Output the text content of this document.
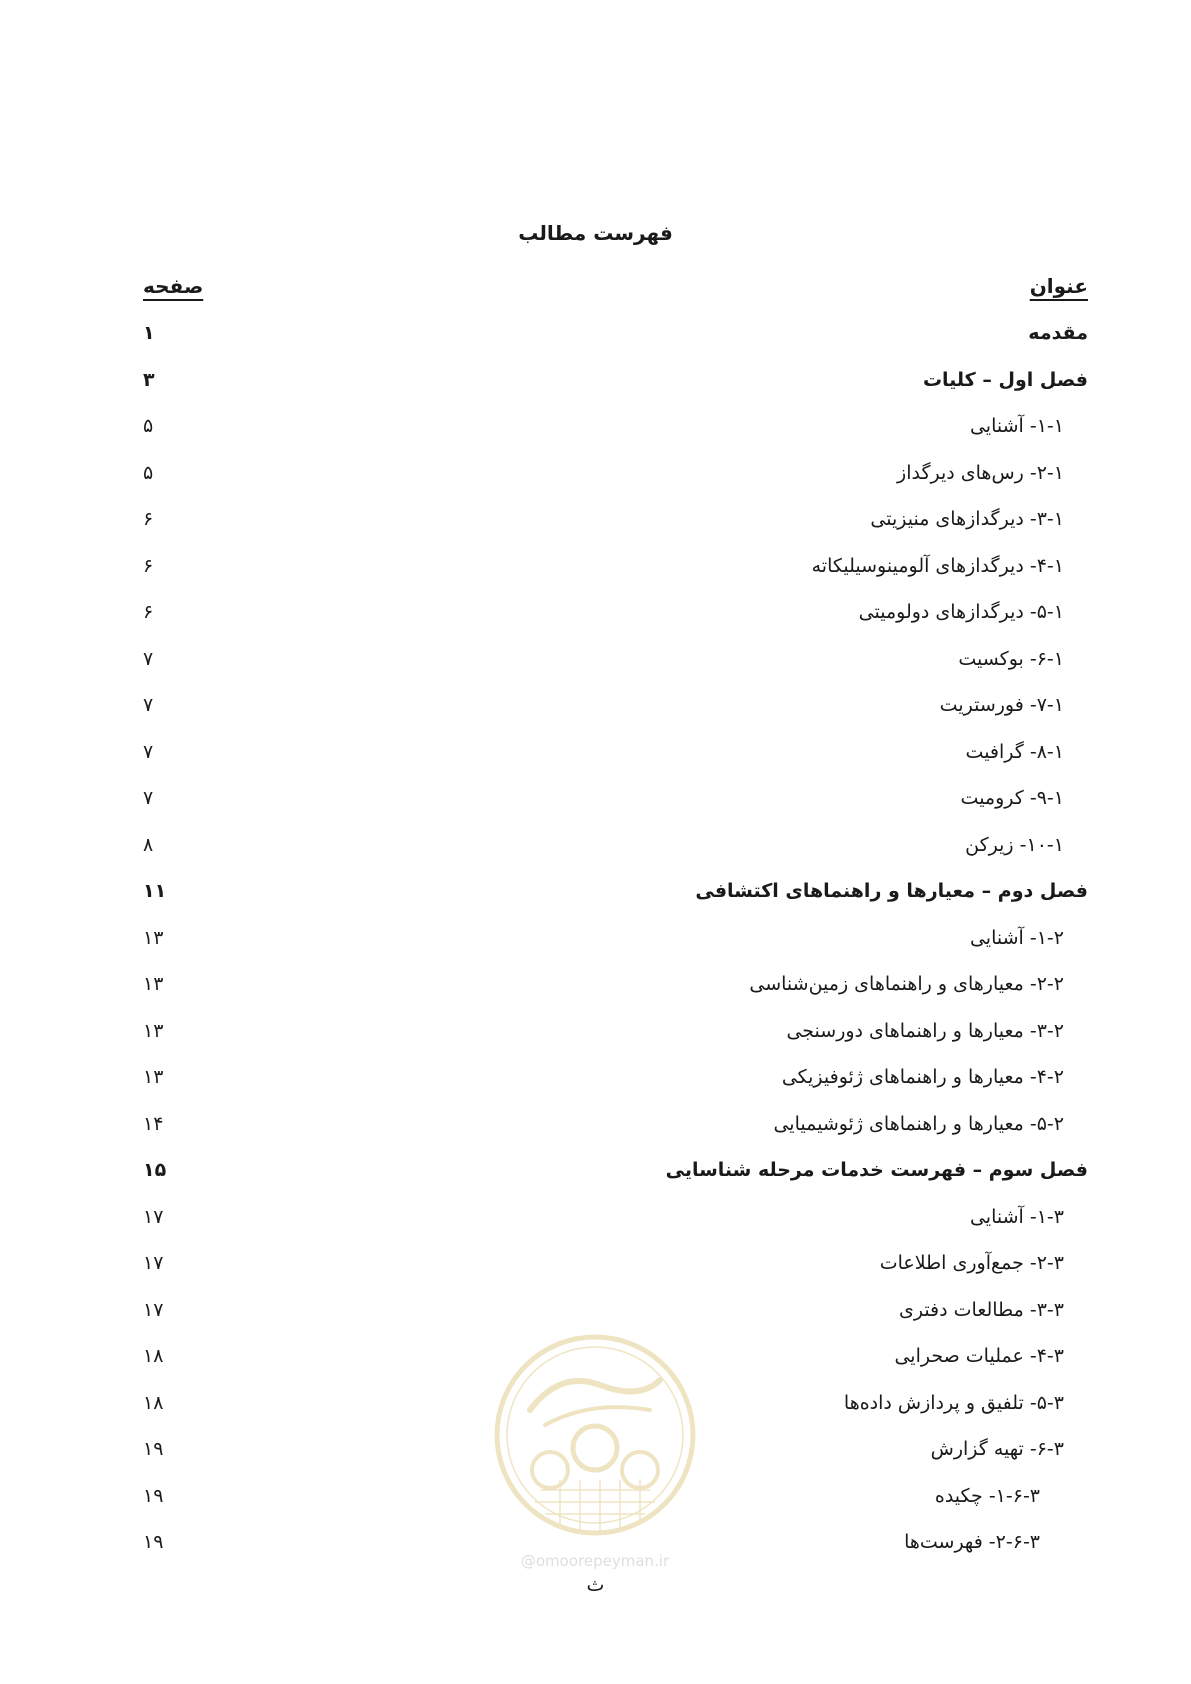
فهرست مطالب
عنوان
صفحه
مقدمه
۱
فصل اول – کلیات
۳
۱-۱- آشنایی
۵
۲-۱- رس‌های دیرگداز
۵
۳-۱- دیرگدازهای منیزیتی
۶
۴-۱- دیرگدازهای آلومینوسیلیکاته
۶
۵-۱- دیرگدازهای دولومیتی
۶
۶-۱- بوکسیت
۷
۷-۱- فورستریت
۷
۸-۱- گرافیت
۷
۹-۱- کرومیت
۷
۱۰-۱- زیرکن
۸
فصل دوم – معیارها و راهنماهای اکتشافی
۱۱
۱-۲- آشنایی
۱۳
۲-۲- معیارهای و راهنماهای زمین‌شناسی
۱۳
۳-۲- معیارها و راهنماهای دورسنجی
۱۳
۴-۲- معیارها و راهنماهای ژئوفیزیکی
۱۳
۵-۲- معیارها و راهنماهای ژئوشیمیایی
۱۴
فصل سوم – فهرست خدمات مرحله شناسایی
۱۵
۱-۳- آشنایی
۱۷
۲-۳- جمع‌آوری اطلاعات
۱۷
۳-۳- مطالعات دفتری
۱۷
۴-۳- عملیات صحرایی
۱۸
۵-۳- تلفیق و پردازش داده‌ها
۱۸
۶-۳- تهیه گزارش
۱۹
۱-۶-۳- چکیده
۱۹
۲-۶-۳- فهرست‌ها
۱۹
@omoorepeyman.ir
ث
